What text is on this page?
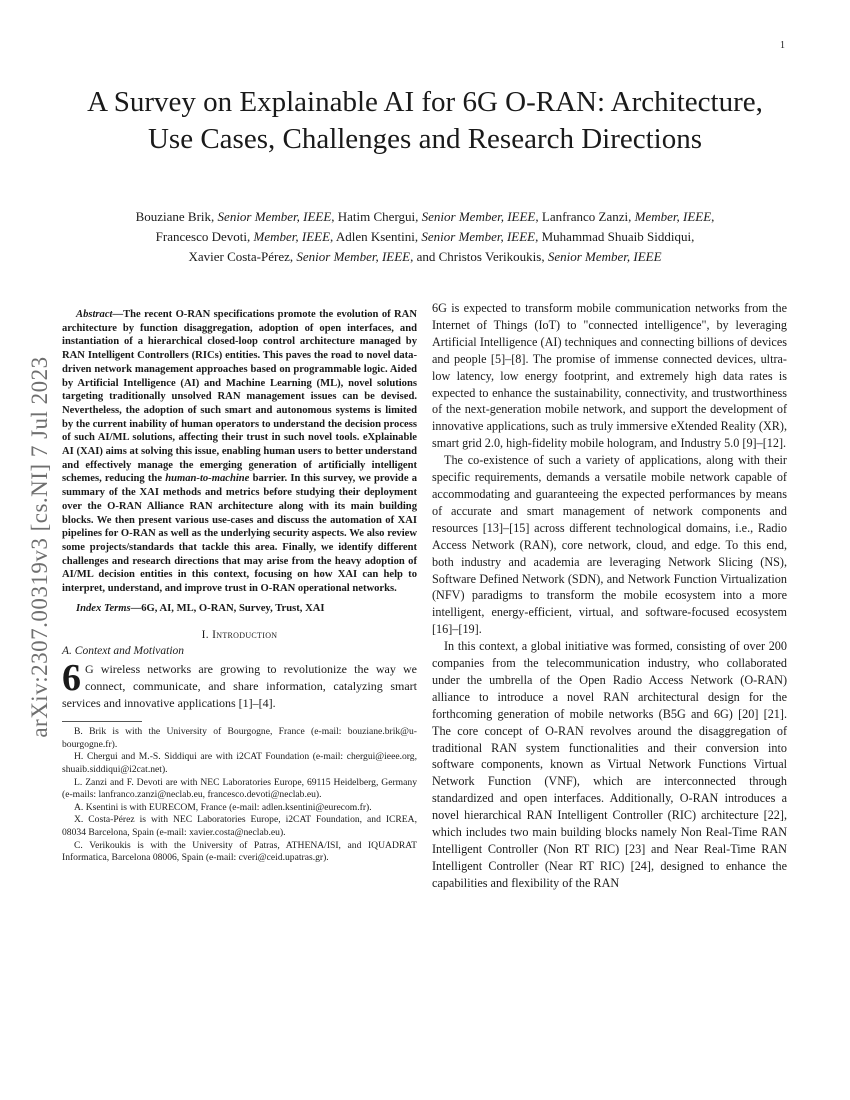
1
arXiv:2307.00319v3 [cs.NI] 7 Jul 2023
A Survey on Explainable AI for 6G O-RAN: Architecture, Use Cases, Challenges and Research Directions
Bouziane Brik, Senior Member, IEEE, Hatim Chergui, Senior Member, IEEE, Lanfranco Zanzi, Member, IEEE,
Francesco Devoti, Member, IEEE, Adlen Ksentini, Senior Member, IEEE, Muhammad Shuaib Siddiqui,
Xavier Costa-Pérez, Senior Member, IEEE, and Christos Verikoukis, Senior Member, IEEE

Abstract—The recent O-RAN specifications promote the evolution of RAN architecture by function disaggregation, adoption of open interfaces, and instantiation of a hierarchical closed-loop control architecture managed by RAN Intelligent Controllers (RICs) entities. This paves the road to novel data-driven network management approaches based on programmable logic. Aided by Artificial Intelligence (AI) and Machine Learning (ML), novel solutions targeting traditionally unsolved RAN management issues can be devised. Nevertheless, the adoption of such smart and autonomous systems is limited by the current inability of human operators to understand the decision process of such AI/ML solutions, affecting their trust in such novel tools. eXplainable AI (XAI) aims at solving this issue, enabling human users to better understand and effectively manage the emerging generation of artificially intelligent schemes, reducing the human-to-machine barrier. In this survey, we provide a summary of the XAI methods and metrics before studying their deployment over the O-RAN Alliance RAN architecture along with its main building blocks. We then present various use-cases and discuss the automation of XAI pipelines for O-RAN as well as the underlying security aspects. We also review some projects/standards that tackle this area. Finally, we identify different challenges and research directions that may arise from the heavy adoption of AI/ML decision entities in this context, focusing on how XAI can help to interpret, understand, and improve trust in O-RAN operational networks.

Index Terms—6G, AI, ML, O-RAN, Survey, Trust, XAI

I. Introduction
A. Context and Motivation

6 G wireless networks are growing to revolutionize the way we connect, communicate, and share information, catalyzing smart services and innovative applications [1]–[4].

B. Brik is with the University of Bourgogne, France (e-mail: bouziane.brik@u-bourgogne.fr).

H. Chergui and M.-S. Siddiqui are with i2CAT Foundation (e-mail: chergui@ieee.org, shuaib.siddiqui@i2cat.net).

L. Zanzi and F. Devoti are with NEC Laboratories Europe, 69115 Heidelberg, Germany (e-mails: lanfranco.zanzi@neclab.eu, francesco.devoti@neclab.eu).

A. Ksentini is with EURECOM, France (e-mail: adlen.ksentini@eurecom.fr).

X. Costa-Pérez is with NEC Laboratories Europe, i2CAT Foundation, and ICREA, 08034 Barcelona, Spain (e-mail: xavier.costa@neclab.eu).

C. Verikoukis is with the University of Patras, ATHENA/ISI, and IQUADRAT Informatica, Barcelona 08006, Spain (e-mail: cveri@ceid.upatras.gr).

6G is expected to transform mobile communication networks from the Internet of Things (IoT) to "connected intelligence", by leveraging Artificial Intelligence (AI) techniques and connecting billions of devices and people [5]–[8]. The promise of immense connected devices, ultra-low latency, low energy footprint, and extremely high data rates is expected to enhance the sustainability, connectivity, and trustworthiness of the next-generation mobile network, and support the development of innovative applications, such as truly immersive eXtended Reality (XR), smart grid 2.0, high-fidelity mobile hologram, and Industry 5.0 [9]–[12].

The co-existence of such a variety of applications, along with their specific requirements, demands a versatile mobile network capable of accommodating and guaranteeing the expected performances by means of accurate and smart management of network components and resources [13]–[15] across different technological domains, i.e., Radio Access Network (RAN), core network, cloud, and edge. To this end, both industry and academia are leveraging Network Slicing (NS), Software Defined Network (SDN), and Network Function Virtualization (NFV) paradigms to transform the mobile ecosystem into a more intelligent, energy-efficient, virtual, and software-focused ecosystem [16]–[19].

In this context, a global initiative was formed, consisting of over 200 companies from the telecommunication industry, who collaborated under the umbrella of the Open Radio Access Network (O-RAN) alliance to introduce a novel RAN architectural design for the forthcoming generation of mobile networks (B5G and 6G) [20] [21]. The core concept of O-RAN revolves around the disaggregation of traditional RAN system functionalities and their conversion into software components, known as Virtual Network Functions Virtual Network Function (VNF), which are interconnected through standardized and open interfaces. Additionally, O-RAN introduces a novel hierarchical RAN Intelligent Controller (RIC) architecture [22], which includes two main building blocks namely Non Real-Time RAN Intelligent Controller (Non RT RIC) [23] and Near Real-Time RAN Intelligent Controller (Near RT RIC) [24], designed to enhance the capabilities and flexibility of the RAN
